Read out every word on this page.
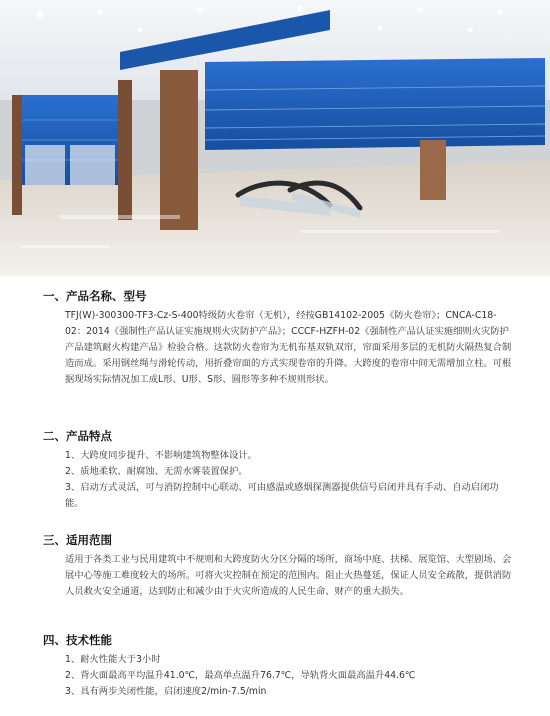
一、产品名称、型号
TFJ(W)-300300-TF3-Cz-S-400特级防火卷帘（无机），经按GB14102-2005《防火卷帘》；CNCA-C18-02：2014《强制性产品认证实施规则火灾防护产品》；CCCF-HZFH-02《强制性产品认证实施细则火灾防护产品建筑耐火构建产品》检验合格。这款防火卷帘为无机布基双轨双帘，帘面采用多层的无机防火隔热复合制造而成。采用钢丝绳与滑轮传动，用折叠帘面的方式实现卷帘的升降。大跨度的卷帘中间无需增加立柱。可根据现场实际情况加工成L形、U形、S形、圆形等多种不规则形状。
二、产品特点
1、大跨度同步提升、不影响建筑物整体设计。
2、质地柔软、耐腐蚀、无需水雾装置保护。
3、启动方式灵活，可与消防控制中心联动、可由感温或感烟探测器提供信号启闭并具有手动、自动启闭功能。
三、适用范围
适用于各类工业与民用建筑中不规则和大跨度防火分区分隔的场所，商场中庭、扶梯、展览馆、大型剧场、会展中心等施工难度较大的场所。可将火灾控制在预定的范围内。阻止火热蔓延，保证人员安全疏散，提供消防人员救火安全通道，达到防止和减少由于火灾所造成的人民生命、财产的重大损失。
四、技术性能
1、耐火性能大于3小时
2、背火面最高平均温升41.0℃，最高单点温升76.7℃，导轨背火面最高温升44.6℃
3、具有两步关闭性能，启闭速度2/min-7.5/min
